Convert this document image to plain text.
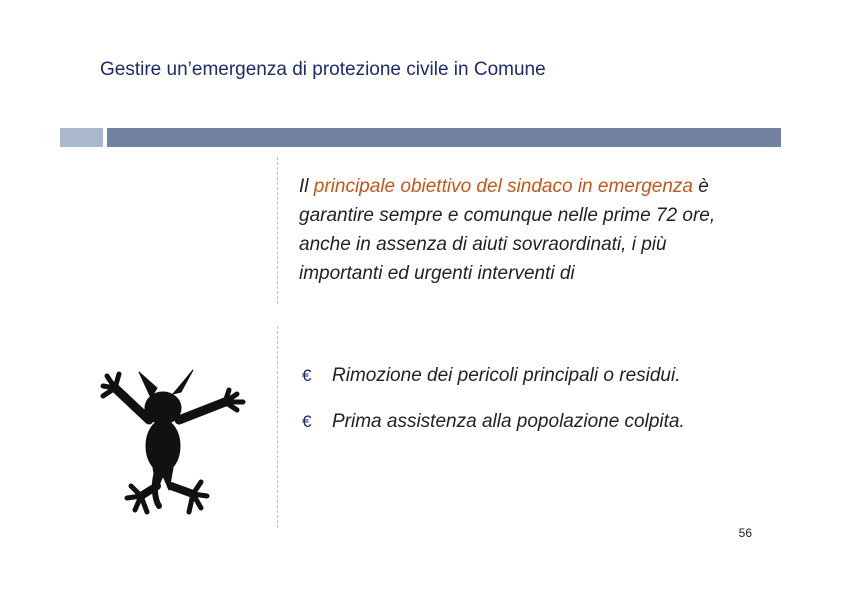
Gestire un’emergenza di protezione civile in Comune
Il principale obiettivo del sindaco in emergenza è garantire sempre e comunque nelle prime 72 ore, anche in assenza di aiuti sovraordinati, i più importanti ed urgenti interventi di
€ Rimozione dei pericoli principali o residui.
€ Prima assistenza alla popolazione colpita.
56
